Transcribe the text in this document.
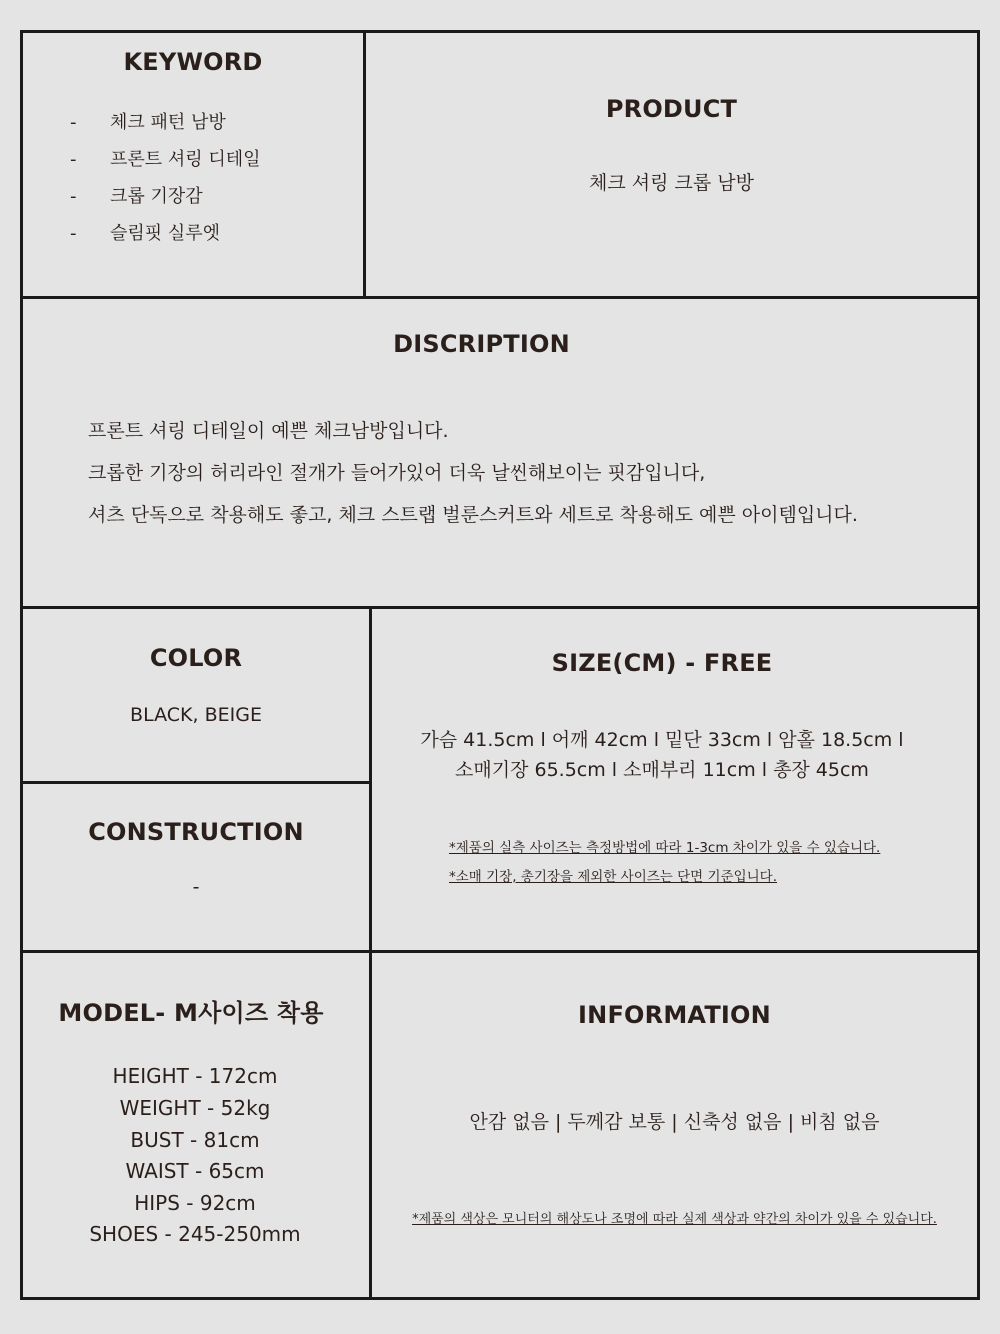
KEYWORD
- 체크 패턴 남방
- 프론트 셔링 디테일
- 크롭 기장감
- 슬림핏 실루엣
PRODUCT
체크 셔링 크롭 남방
DISCRIPTION
프론트 셔링 디테일이 예쁜 체크남방입니다.
크롭한 기장의 허리라인 절개가 들어가있어 더욱 날씬해보이는 핏감입니다,
셔츠 단독으로 착용해도 좋고, 체크 스트랩 벌룬스커트와 세트로 착용해도 예쁜 아이템입니다.
COLOR
BLACK, BEIGE
CONSTRUCTION
-
SIZE(CM) - FREE
가슴 41.5cm l 어깨 42cm l 밑단 33cm l 암홀 18.5cm l
소매기장 65.5cm l 소매부리 11cm l 총장 45cm
*제품의 실측 사이즈는 측정방법에 따라 1-3cm 차이가 있을 수 있습니다.
*소매 기장, 총기장을 제외한 사이즈는 단면 기준입니다.
MODEL- M사이즈 착용
HEIGHT - 172cm
WEIGHT - 52kg
BUST - 81cm
WAIST - 65cm
HIPS - 92cm
SHOES - 245-250mm
INFORMATION
안감 없음 | 두께감 보통 | 신축성 없음 | 비침 없음
*제품의 색상은 모니터의 해상도나 조명에 따라 실제 색상과 약간의 차이가 있을 수 있습니다.
